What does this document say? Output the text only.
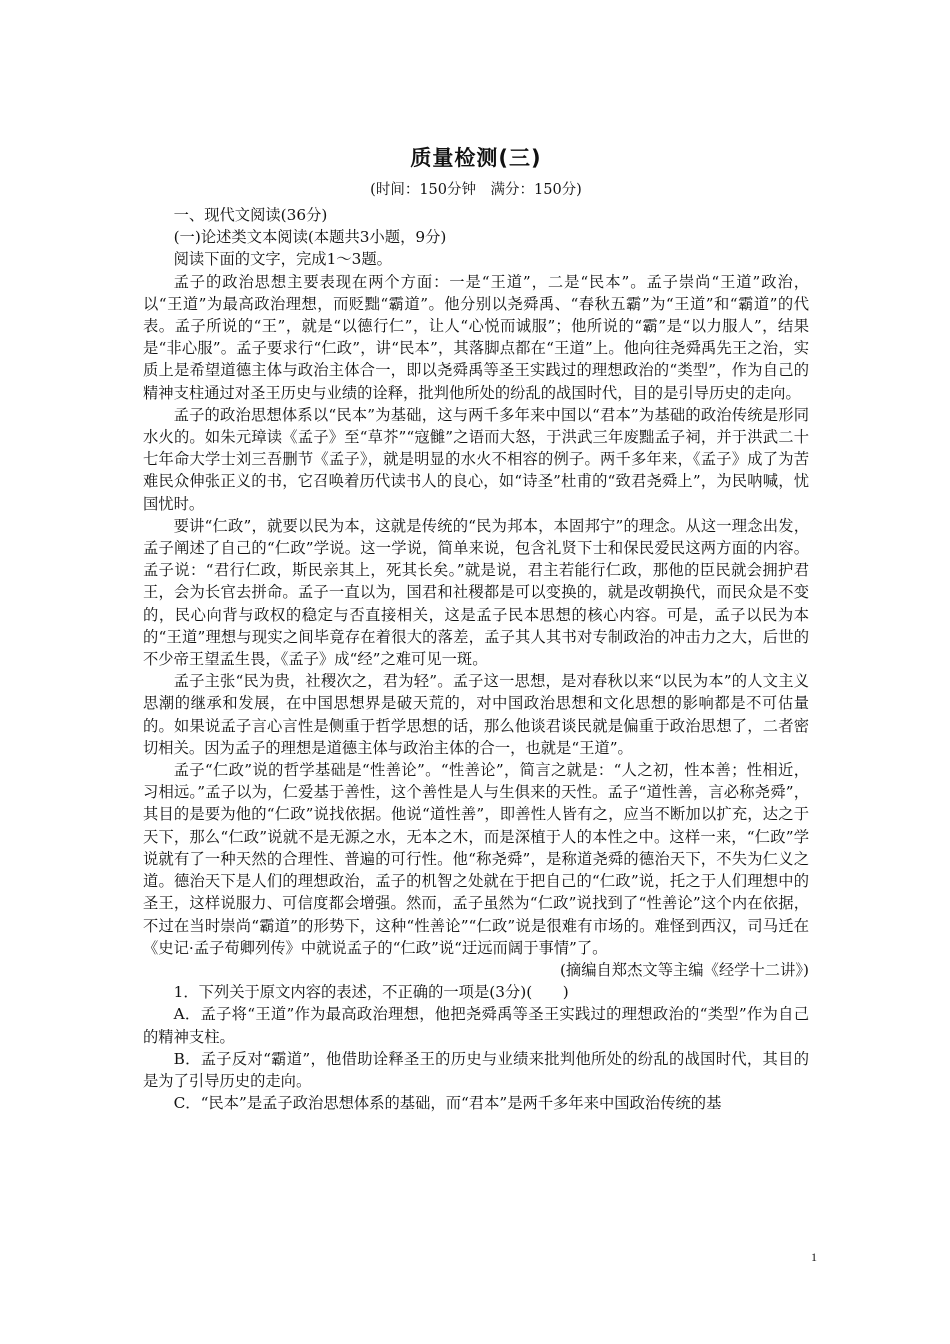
质量检测(三)
(时间：150分钟　满分：150分)

一、现代文阅读(36分)

(一)论述类文本阅读(本题共3小题，9分)

阅读下面的文字，完成1～3题。

孟子的政治思想主要表现在两个方面：一是“王道”，二是“民本”。孟子崇尚“王道”政治，以“王道”为最高政治理想，而贬黜“霸道”。他分别以尧舜禹、“春秋五霸”为“王道”和“霸道”的代表。孟子所说的“王”，就是“以德行仁”，让人“心悦而诚服”；他所说的“霸”是“以力服人”，结果是“非心服”。孟子要求行“仁政”，讲“民本”，其落脚点都在“王道”上。他向往尧舜禹先王之治，实质上是希望道德主体与政治主体合一，即以尧舜禹等圣王实践过的理想政治的“类型”，作为自己的精神支柱通过对圣王历史与业绩的诠释，批判他所处的纷乱的战国时代，目的是引导历史的走向。

孟子的政治思想体系以“民本”为基础，这与两千多年来中国以“君本”为基础的政治传统是形同水火的。如朱元璋读《孟子》至“草芥”“寇雠”之语而大怒，于洪武三年废黜孟子祠，并于洪武二十七年命大学士刘三吾删节《孟子》，就是明显的水火不相容的例子。两千多年来，《孟子》成了为苦难民众伸张正义的书，它召唤着历代读书人的良心，如“诗圣”杜甫的“致君尧舜上”，为民呐喊，忧国忧时。

要讲“仁政”，就要以民为本，这就是传统的“民为邦本，本固邦宁”的理念。从这一理念出发，孟子阐述了自己的“仁政”学说。这一学说，简单来说，包含礼贤下士和保民爱民这两方面的内容。孟子说：“君行仁政，斯民亲其上，死其长矣。”就是说，君主若能行仁政，那他的臣民就会拥护君王，会为长官去拼命。孟子一直以为，国君和社稷都是可以变换的，就是改朝换代，而民众是不变的，民心向背与政权的稳定与否直接相关，这是孟子民本思想的核心内容。可是，孟子以民为本的“王道”理想与现实之间毕竟存在着很大的落差，孟子其人其书对专制政治的冲击力之大，后世的不少帝王望孟生畏，《孟子》成“经”之难可见一斑。

孟子主张“民为贵，社稷次之，君为轻”。孟子这一思想，是对春秋以来“以民为本”的人文主义思潮的继承和发展，在中国思想界是破天荒的，对中国政治思想和文化思想的影响都是不可估量的。如果说孟子言心言性是侧重于哲学思想的话，那么他谈君谈民就是偏重于政治思想了，二者密切相关。因为孟子的理想是道德主体与政治主体的合一，也就是“王道”。

孟子“仁政”说的哲学基础是“性善论”。“性善论”，简言之就是：“人之初，性本善；性相近，习相远。”孟子以为，仁爱基于善性，这个善性是人与生俱来的天性。孟子“道性善，言必称尧舜”，其目的是要为他的“仁政”说找依据。他说“道性善”，即善性人皆有之，应当不断加以扩充，达之于天下，那么“仁政”说就不是无源之水，无本之木，而是深植于人的本性之中。这样一来，“仁政”学说就有了一种天然的合理性、普遍的可行性。他“称尧舜”，是称道尧舜的德治天下，不失为仁义之道。德治天下是人们的理想政治，孟子的机智之处就在于把自己的“仁政”说，托之于人们理想中的圣王，这样说服力、可信度都会增强。然而，孟子虽然为“仁政”说找到了“性善论”这个内在依据，不过在当时崇尚“霸道”的形势下，这种“性善论”“仁政”说是很难有市场的。难怪到西汉，司马迁在《史记·孟子荀卿列传》中就说孟子的“仁政”说“迂远而阔于事情”了。

(摘编自郑杰文等主编《经学十二讲》)

1．下列关于原文内容的表述，不正确的一项是(3分)(　　)

A．孟子将“王道”作为最高政治理想，他把尧舜禹等圣王实践过的理想政治的“类型”作为自己的精神支柱。

B．孟子反对“霸道”，他借助诠释圣王的历史与业绩来批判他所处的纷乱的战国时代，其目的是为了引导历史的走向。

C．“民本”是孟子政治思想体系的基础，而“君本”是两千多年来中国政治传统的基

1
